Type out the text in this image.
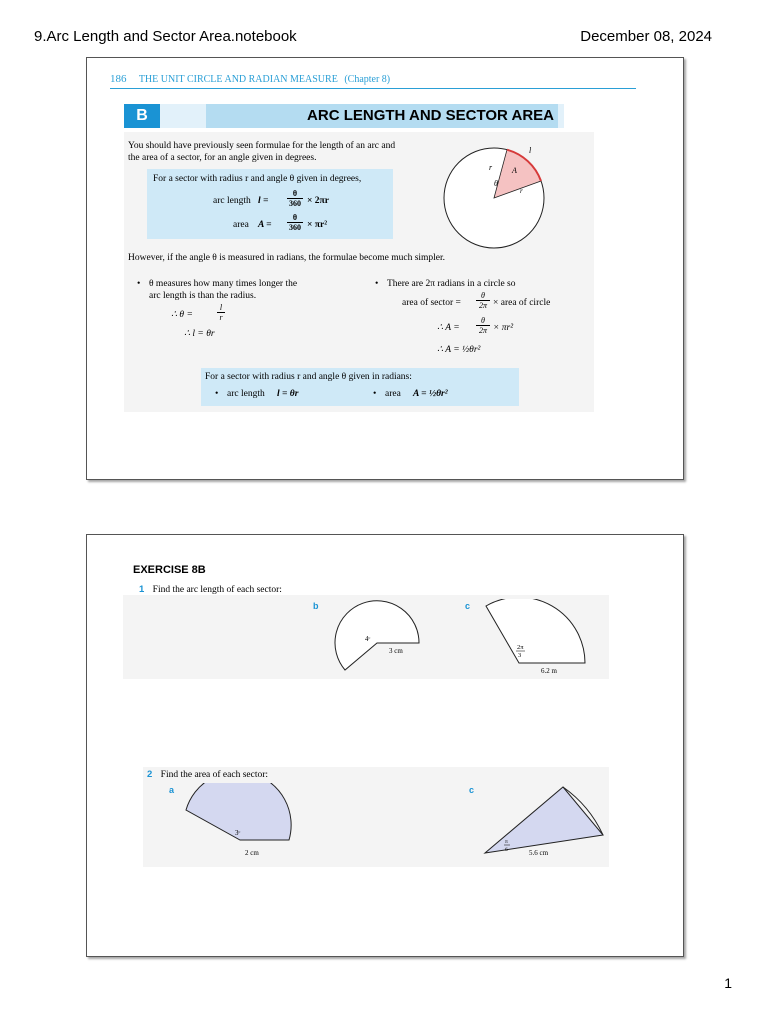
9.Arc Length and Sector Area.notebook	December 08, 2024
186 THE UNIT CIRCLE AND RADIAN MEASURE (Chapter 8)
B	ARC LENGTH AND SECTOR AREA
You should have previously seen formulae for the length of an arc and
the area of a sector, for an angle given in degrees.
For a sector with radius r and angle θ given in degrees,
arc length $l = \frac{\theta}{360} \times 2\pi r$
area $A = \frac{\theta}{360} \times \pi r^2$
r
r
θ
A
l
However, if the angle θ is measured in radians, the formulae become much simpler.
• θ measures how many times longer the
arc length is than the radius.
∴ θ =	$\frac{l}{r}$
∴ l = θr
• There are 2π radians in a circle so
area of sector = $\frac{\theta}{2\pi}$ × area of circle
∴ $A = \frac{\theta}{2\pi} \times \pi r^2$
∴ A = ½θr²
For a sector with radius r and angle θ given in radians:
• arc length l = θr	• area A = ½θr²
EXERCISE 8B
1 Find the arc length of each sector:
b
4ᶜ
3 cm
c
2π
3
6.2 m
2 Find the area of each sector:
a
3ᶜ
2 cm
c
π
6	5.6 cm
1
